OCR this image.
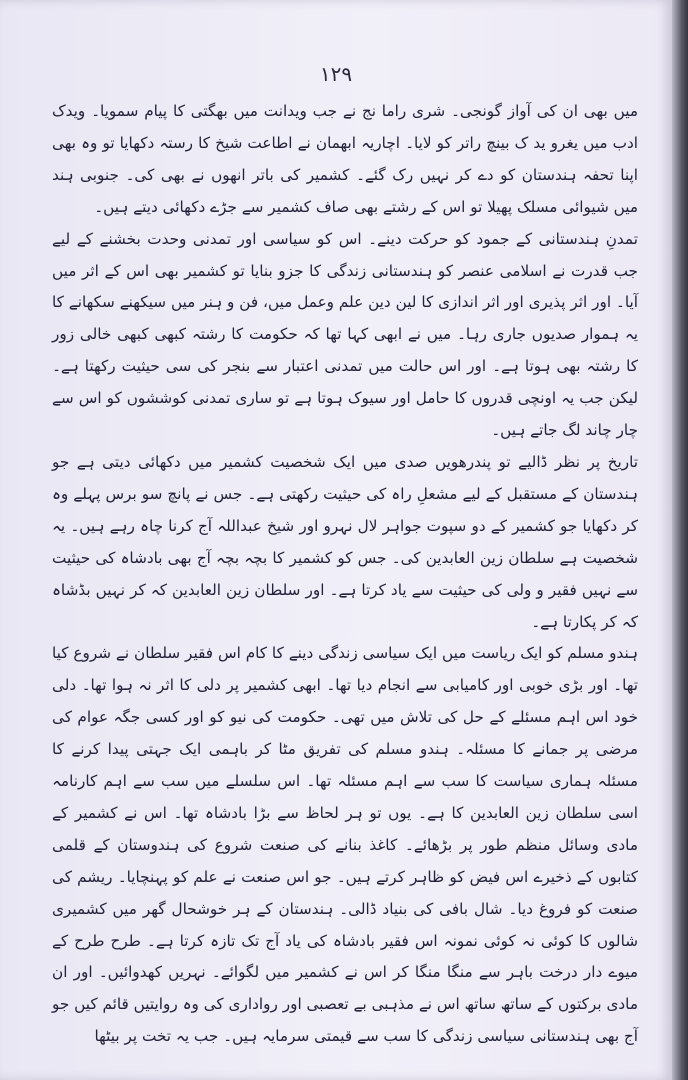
۱۲۹

میں بھی ان کی آواز گونجی۔ شری راما نج نے جب ویدانت میں بھگتی کا پیام سمویا۔ ویدک ادب میں یغرو ید ک بینچ راتر کو لایا۔ اچاریہ ابھمان نے اطاعت شیخ کا رستہ دکھایا تو وہ بھی اپنا تحفہ ہندستان کو دے کر نہیں رک گئے۔ کشمیر کی باتر انھوں نے بھی کی۔ جنوبی ہند میں شیوائی مسلک پھیلا تو اس کے رشتے بھی صاف کشمیر سے جڑے دکھائی دیتے ہیں۔

تمدنِ ہندستانی کے جمود کو حرکت دینے۔ اس کو سیاسی اور تمدنی وحدت بخشنے کے لیے جب قدرت نے اسلامی عنصر کو ہندستانی زندگی کا جزو بنایا تو کشمیر بھی اس کے اثر میں آیا۔ اور اثر پذیری اور اثر اندازی کا لین دین علم وعمل میں، فن و ہنر میں سیکھنے سکھانے کا یہ ہموار صدیوں جاری رہا۔ میں نے ابھی کہا تھا کہ حکومت کا رشتہ کبھی کبھی خالی زور کا رشتہ بھی ہوتا ہے۔ اور اس حالت میں تمدنی اعتبار سے بنجر کی سی حیثیت رکھتا ہے۔ لیکن جب یہ اونچی قدروں کا حامل اور سیوک ہوتا ہے تو ساری تمدنی کوششوں کو اس سے چار چاند لگ جاتے ہیں۔

تاریخ پر نظر ڈالیے تو پندرھویں صدی میں ایک شخصیت کشمیر میں دکھائی دیتی ہے جو ہندستان کے مستقبل کے لیے مشعلِ راہ کی حیثیت رکھتی ہے۔ جس نے پانچ سو برس پہلے وہ کر دکھایا جو کشمیر کے دو سپوت جواہر لال نہرو اور شیخ عبداللہ آج کرنا چاہ رہے ہیں۔ یہ شخصیت ہے سلطان زین العابدین کی۔ جس کو کشمیر کا بچہ بچہ آج بھی بادشاہ کی حیثیت سے نہیں فقیر و ولی کی حیثیت سے یاد کرتا ہے۔ اور سلطان زین العابدین کہ کر نہیں بڈشاہ کہ کر پکارتا ہے۔

ہندو مسلم کو ایک ریاست میں ایک سیاسی زندگی دینے کا کام اس فقیر سلطان نے شروع کیا تھا۔ اور بڑی خوبی اور کامیابی سے انجام دیا تھا۔ ابھی کشمیر پر دلی کا اثر نہ ہوا تھا۔ دلی خود اس اہم مسئلے کے حل کی تلاش میں تھی۔ حکومت کی نیو کو اور کسی جگہ عوام کی مرضی پر جمانے کا مسئلہ۔ ہندو مسلم کی تفریق مٹا کر باہمی ایک جہتی پیدا کرنے کا مسئلہ ہماری سیاست کا سب سے اہم مسئلہ تھا۔ اس سلسلے میں سب سے اہم کارنامہ اسی سلطان زین العابدین کا ہے۔ یوں تو ہر لحاظ سے بڑا بادشاہ تھا۔ اس نے کشمیر کے مادی وسائل منظم طور پر بڑھائے۔ کاغذ بنانے کی صنعت شروع کی ہندوستان کے قلمی کتابوں کے ذخیرے اس فیض کو ظاہر کرتے ہیں۔ جو اس صنعت نے علم کو پہنچایا۔ ریشم کی صنعت کو فروغ دیا۔ شال بافی کی بنیاد ڈالی۔ ہندستان کے ہر خوشحال گھر میں کشمیری شالوں کا کوئی نہ کوئی نمونہ اس فقیر بادشاہ کی یاد آج تک تازہ کرتا ہے۔ طرح طرح کے میوے دار درخت باہر سے منگا منگا کر اس نے کشمیر میں لگوائے۔ نہریں کھدوائیں۔ اور ان مادی برکتوں کے ساتھ ساتھ اس نے مذہبی بے تعصبی اور رواداری کی وہ روایتیں قائم کیں جو آج بھی ہندستانی سیاسی زندگی کا سب سے قیمتی سرمایہ ہیں۔ جب یہ تخت پر بیٹھا
